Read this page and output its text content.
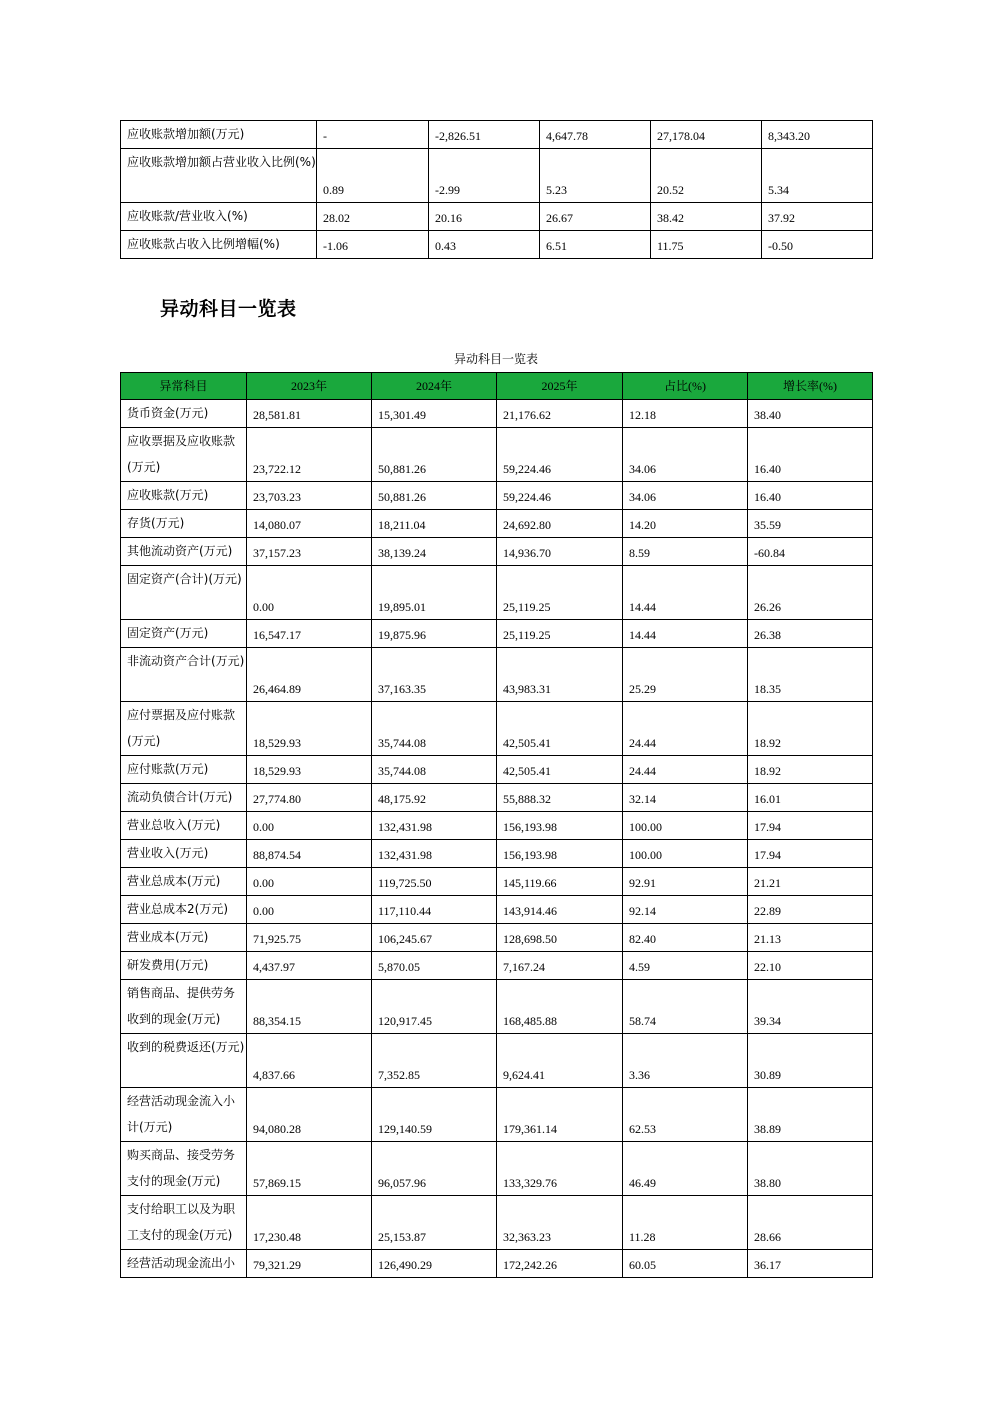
应收账款增加额(万元)	-	-2,826.51	4,647.78	27,178.04	8,343.20
应收账款增加额占营业收入比例(%)	0.89	-2.99	5.23	20.52	5.34
应收账款/营业收入(%)	28.02	20.16	26.67	38.42	37.92
应收账款占收入比例增幅(%)	-1.06	0.43	6.51	11.75	-0.50
异动科目一览表
异动科目一览表
异常科目	2023年	2024年	2025年	占比(%)	增长率(%)
货币资金(万元)	28,581.81	15,301.49	21,176.62	12.18	38.40
应收票据及应收账款(万元)	23,722.12	50,881.26	59,224.46	34.06	16.40
应收账款(万元)	23,703.23	50,881.26	59,224.46	34.06	16.40
存货(万元)	14,080.07	18,211.04	24,692.80	14.20	35.59
其他流动资产(万元)	37,157.23	38,139.24	14,936.70	8.59	-60.84
固定资产(合计)(万元)	0.00	19,895.01	25,119.25	14.44	26.26
固定资产(万元)	16,547.17	19,875.96	25,119.25	14.44	26.38
非流动资产合计(万元)	26,464.89	37,163.35	43,983.31	25.29	18.35
应付票据及应付账款(万元)	18,529.93	35,744.08	42,505.41	24.44	18.92
应付账款(万元)	18,529.93	35,744.08	42,505.41	24.44	18.92
流动负债合计(万元)	27,774.80	48,175.92	55,888.32	32.14	16.01
营业总收入(万元)	0.00	132,431.98	156,193.98	100.00	17.94
营业收入(万元)	88,874.54	132,431.98	156,193.98	100.00	17.94
营业总成本(万元)	0.00	119,725.50	145,119.66	92.91	21.21
营业总成本2(万元)	0.00	117,110.44	143,914.46	92.14	22.89
营业成本(万元)	71,925.75	106,245.67	128,698.50	82.40	21.13
研发费用(万元)	4,437.97	5,870.05	7,167.24	4.59	22.10
销售商品、提供劳务收到的现金(万元)	88,354.15	120,917.45	168,485.88	58.74	39.34
收到的税费返还(万元)	4,837.66	7,352.85	9,624.41	3.36	30.89
经营活动现金流入小计(万元)	94,080.28	129,140.59	179,361.14	62.53	38.89
购买商品、接受劳务支付的现金(万元)	57,869.15	96,057.96	133,329.76	46.49	38.80
支付给职工以及为职工支付的现金(万元)	17,230.48	25,153.87	32,363.23	11.28	28.66
经营活动现金流出小	79,321.29	126,490.29	172,242.26	60.05	36.17
